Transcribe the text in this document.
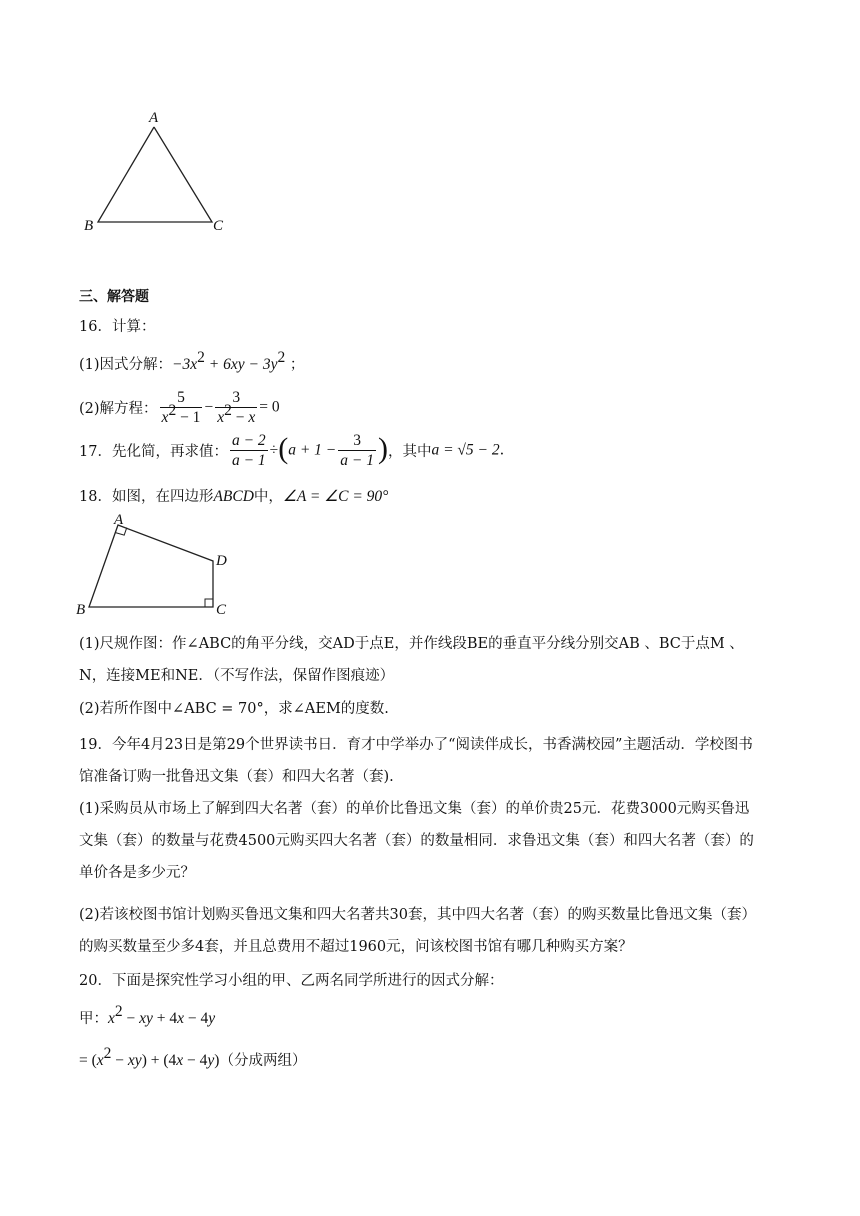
A
B	C
三、解答题
16．计算：
(1)因式分解：$-3x^2 + 6xy - 3y^2$ ；
(2)解方程： $\frac{5}{x^2 - 1} - \frac{3}{x^2 - x} = 0$
17．先化简，再求值： $\frac{a - 2}{a - 1} \div(a + 1 - \frac{3}{a - 1}$ )，其中a = √5 − 2.
18．如图，在四边形ABCD中，∠A = ∠C = 90°
A
D
B	C
(1)尺规作图：作∠ABC的角平分线，交AD于点E，并作线段BE的垂直平分线分别交AB 、BC于点M 、
N，连接ME和NE．（不写作法，保留作图痕迹）
(2)若所作图中∠ABC = 70°，求∠AEM的度数.
19．今年4月23日是第29个世界读书日．育才中学举办了“阅读伴成长，书香满校园”主题活动．学校图书
馆准备订购一批鲁迅文集（套）和四大名著（套).
(1)采购员从市场上了解到四大名著（套）的单价比鲁迅文集（套）的单价贵25元．花费3000元购买鲁迅
文集（套）的数量与花费4500元购买四大名著（套）的数量相同．求鲁迅文集（套）和四大名著（套）的
单价各是多少元？
(2)若该校图书馆计划购买鲁迅文集和四大名著共30套，其中四大名著（套）的购买数量比鲁迅文集（套）
的购买数量至少多4套，并且总费用不超过1960元，问该校图书馆有哪几种购买方案？
20．下面是探究性学习小组的甲、乙两名同学所进行的因式分解：
甲：$x^2$ − xy + 4x − 4y
= $(x^2 - xy) + (4x - 4y)$（分成两组）
